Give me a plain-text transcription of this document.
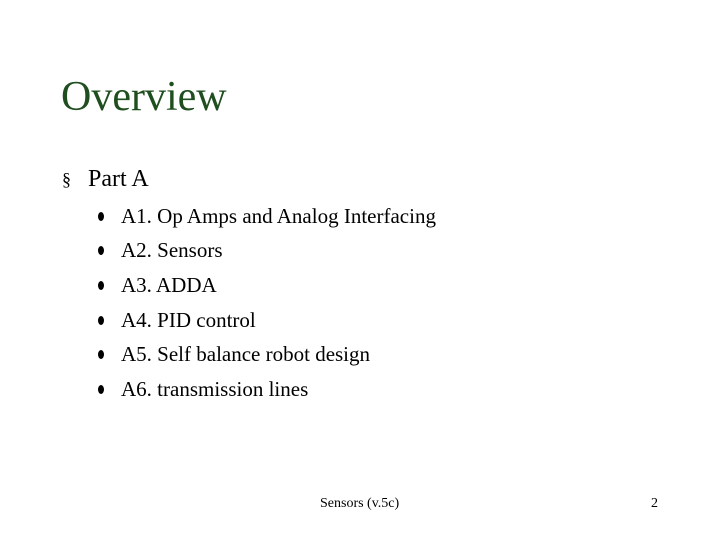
Overview
§ Part A
A1. Op Amps and Analog Interfacing
A2. Sensors
A3. ADDA
A4. PID control
A5. Self balance robot design
A6. transmission lines
Sensors (v.5c)	2
